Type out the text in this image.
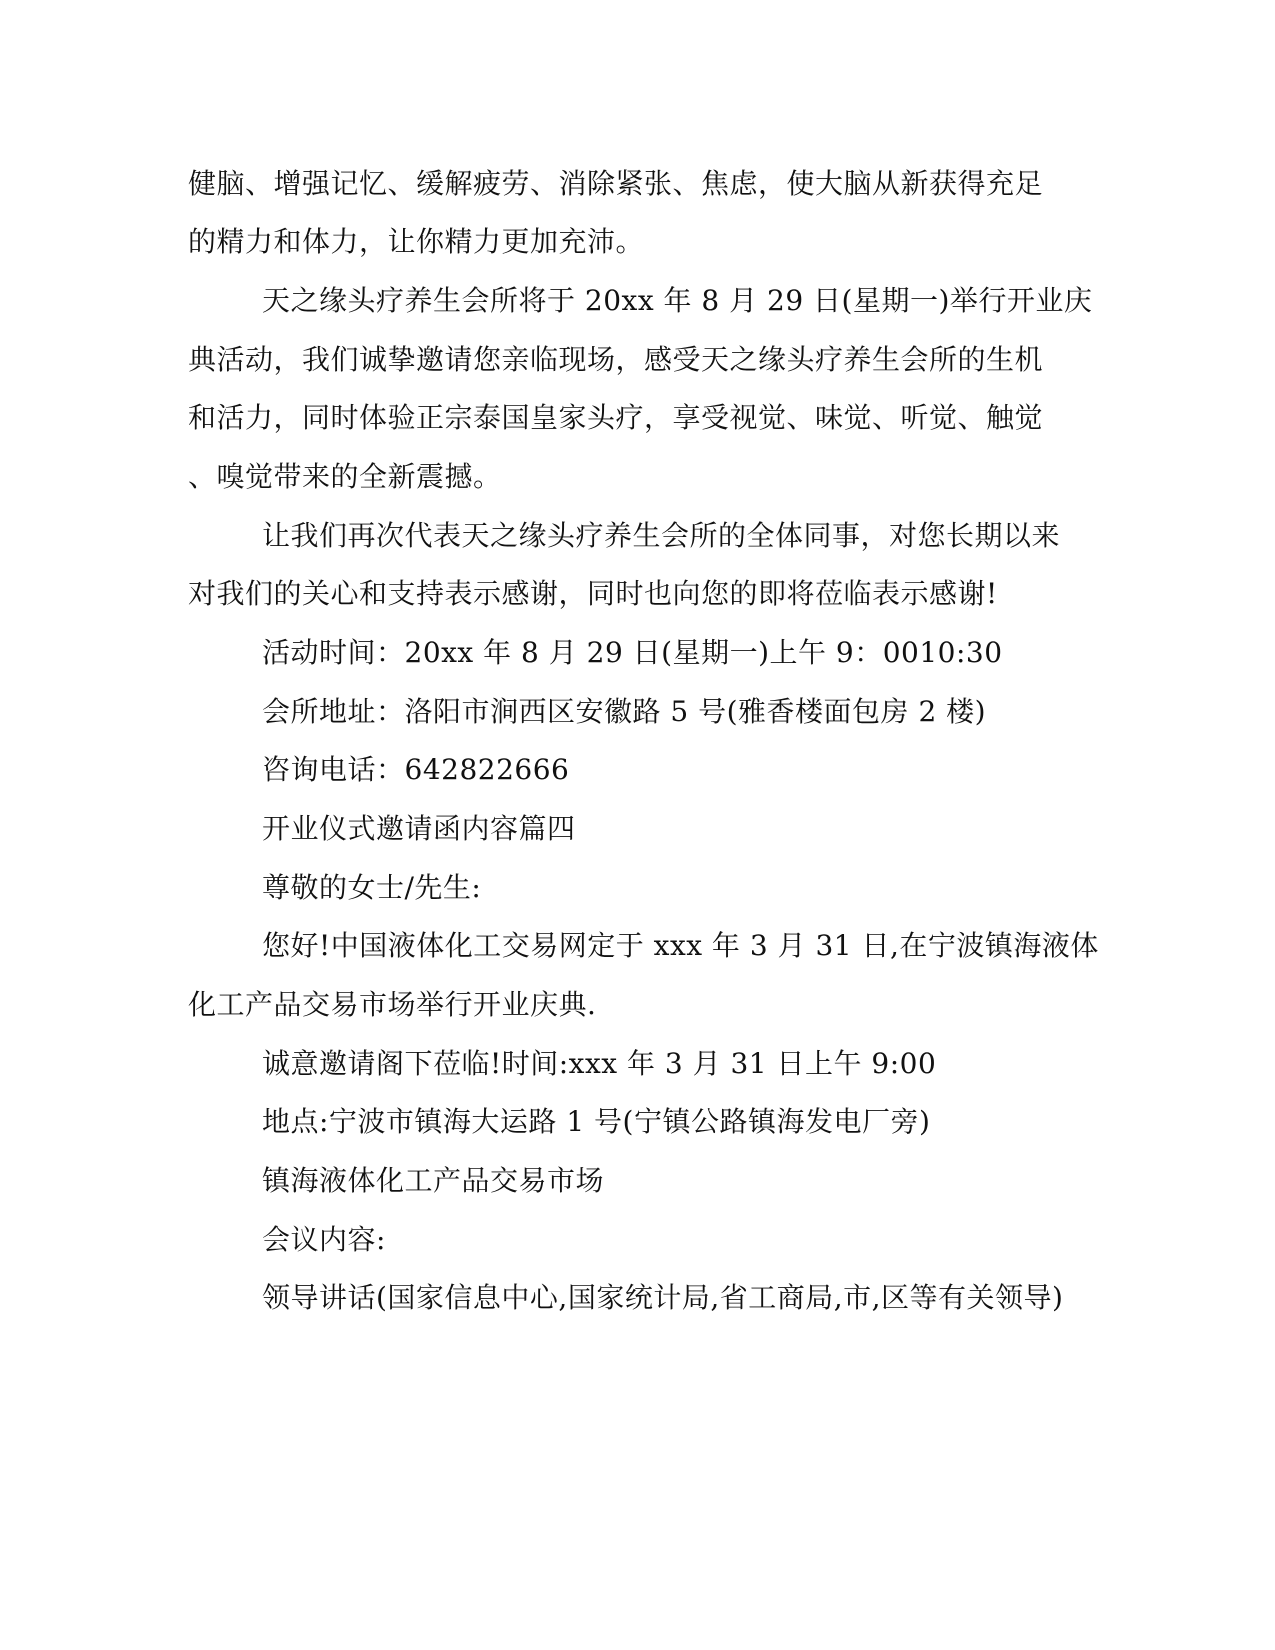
健脑、增强记忆、缓解疲劳、消除紧张、焦虑，使大脑从新获得充足

的精力和体力，让你精力更加充沛。

天之缘头疗养生会所将于 20xx 年 8 月 29 日(星期一)举行开业庆

典活动，我们诚挚邀请您亲临现场，感受天之缘头疗养生会所的生机

和活力，同时体验正宗泰国皇家头疗，享受视觉、味觉、听觉、触觉

、嗅觉带来的全新震撼。

让我们再次代表天之缘头疗养生会所的全体同事，对您长期以来

对我们的关心和支持表示感谢，同时也向您的即将莅临表示感谢!

活动时间：20xx 年 8 月 29 日(星期一)上午 9：0010:30

会所地址：洛阳市涧西区安徽路 5 号(雅香楼面包房 2 楼)

咨询电话：642822666

开业仪式邀请函内容篇四

尊敬的女士/先生:

您好!中国液体化工交易网定于 xxx 年 3 月 31 日,在宁波镇海液体

化工产品交易市场举行开业庆典.

诚意邀请阁下莅临!时间:xxx 年 3 月 31 日上午 9:00

地点:宁波市镇海大运路 1 号(宁镇公路镇海发电厂旁)

镇海液体化工产品交易市场

会议内容:

领导讲话(国家信息中心,国家统计局,省工商局,市,区等有关领导)
